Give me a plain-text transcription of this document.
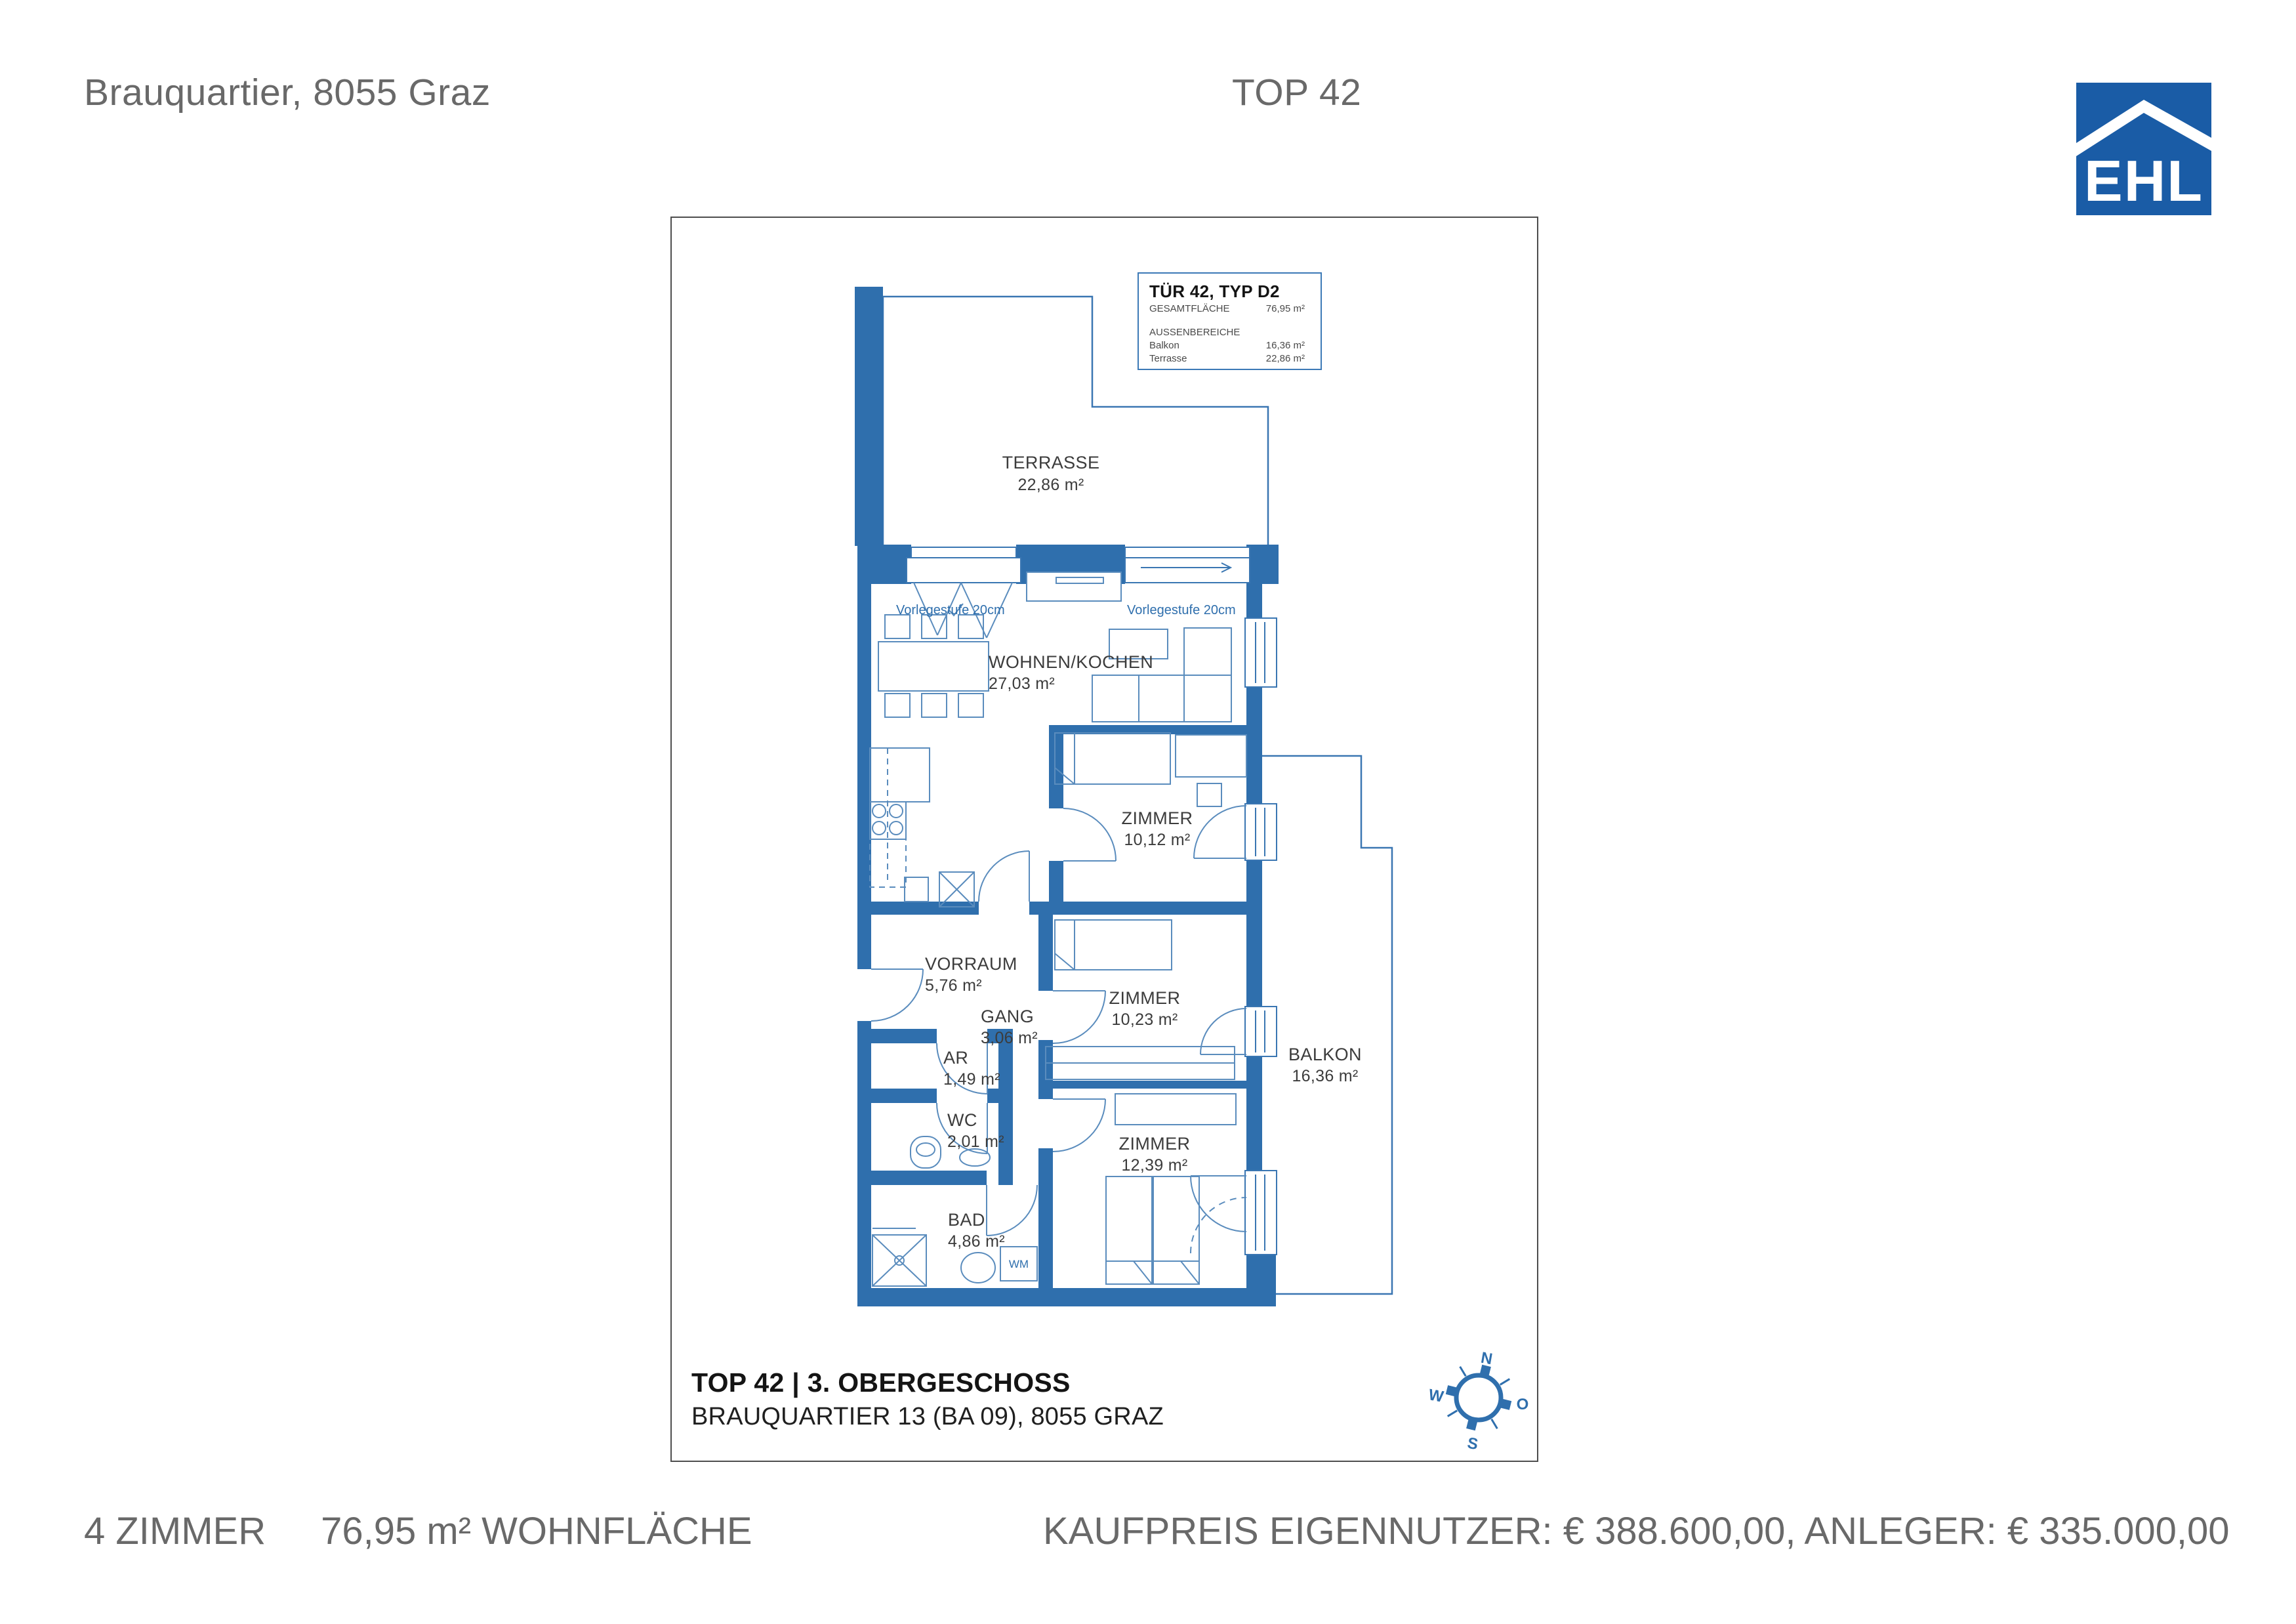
Brauquartier, 8055 Graz	TOP 42
EHL
TERRASSE
22,86 m²
WOHNEN/KOCHEN
27,03 m²
ZIMMER
10,12 m²
VORRAUM
5,76 m²
GANG
3,06 m²
ZIMMER
10,23 m²
BALKON
16,36 m²
AR
1,49 m²
WC
2,01 m²	ZIMMER
12,39 m²
BAD
4,86 m²
Vorlegestufe 20cm	Vorlegestufe 20cm
WM
N
O
S
W
TÜR 42, TYP D2
GESAMTFLÄCHE	76,95 m²
AUSSENBEREICHE
Balkon	16,36 m²
Terrasse	22,86 m²
TOP 42 | 3. OBERGESCHOSS
BRAUQUARTIER 13 (BA 09), 8055 GRAZ
4 ZIMMER 76,95 m² WOHNFLÄCHE	KAUFPREIS EIGENNUTZER: € 388.600,00, ANLEGER: € 335.000,00
